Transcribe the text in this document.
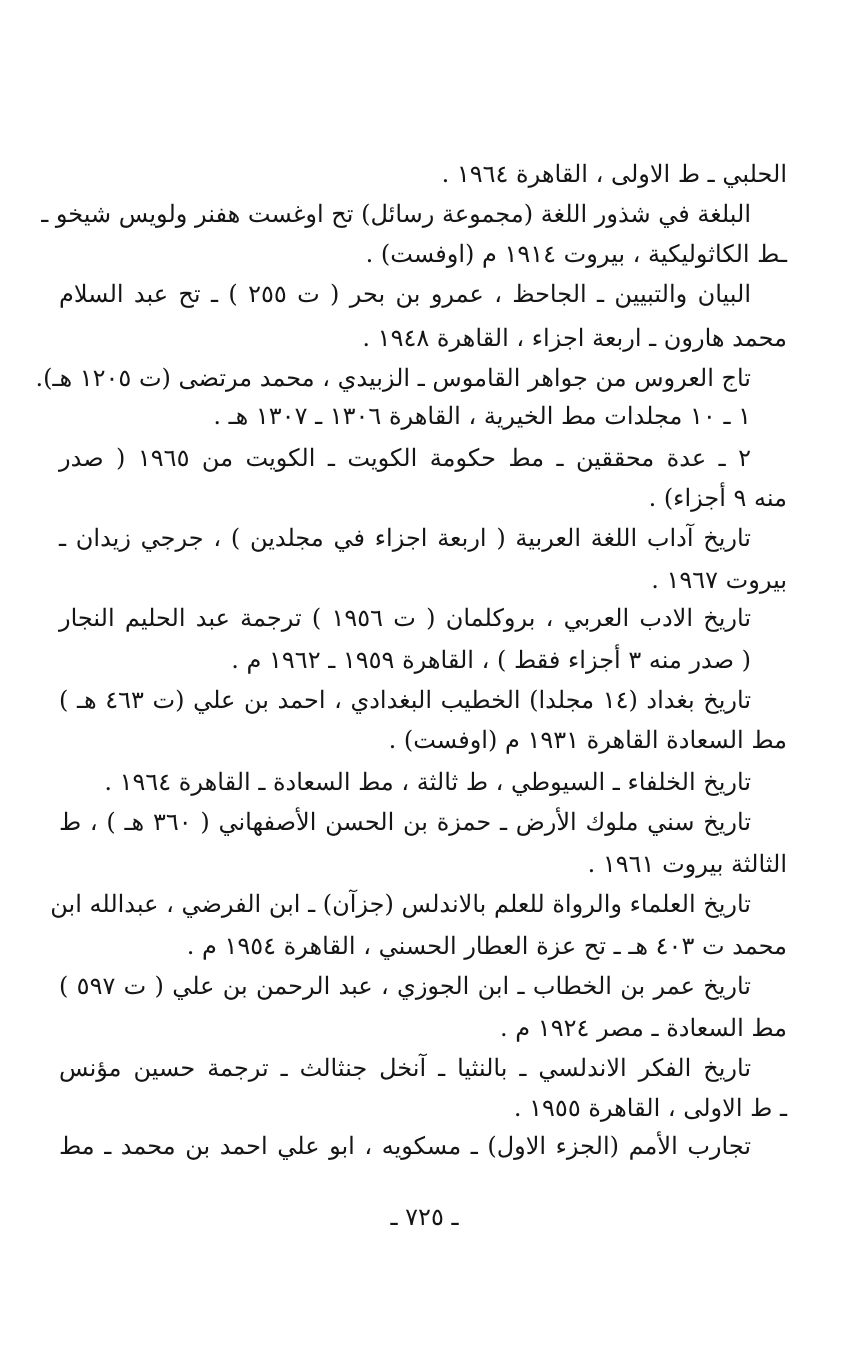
الحلبي ـ ط الاولى ، القاهرة ١٩٦٤ .
البلغة في شذور اللغة (مجموعة رسائل) تح اوغست هفنر ولويس شيخو ـ
ـط الكاثوليكية ، بيروت ١٩١٤ م (اوفست) .
البيان والتبيين ـ الجاحظ ، عمرو بن بحر ( ت ٢٥٥ ) ـ تح عبد السلام
محمد هارون ـ اربعة اجزاء ، القاهرة ١٩٤٨ .
تاج العروس من جواهر القاموس ـ الزبيدي ، محمد مرتضى (ت ١٢٠٥ هـ).
١ ـ ١٠ مجلدات مط الخيرية ، القاهرة ١٣٠٦ ـ ١٣٠٧ هـ .
٢ ـ عدة محققين ـ مط حكومة الكويت ـ الكويت من ١٩٦٥ ( صدر
منه ٩ أجزاء) .
تاريخ آداب اللغة العربية ( اربعة اجزاء في مجلدين ) ، جرجي زيدان ـ
بيروت ١٩٦٧ .
تاريخ الادب العربي ، بروكلمان ( ت ١٩٥٦ ) ترجمة عبد الحليم النجار
( صدر منه ٣ أجزاء فقط ) ، القاهرة ١٩٥٩ ـ ١٩٦٢ م .
تاريخ بغداد (١٤ مجلدا) الخطيب البغدادي ، احمد بن علي (ت ٤٦٣ هـ )
مط السعادة القاهرة ١٩٣١ م (اوفست) .
تاريخ الخلفاء ـ السيوطي ، ط ثالثة ، مط السعادة ـ القاهرة ١٩٦٤ .
تاريخ سني ملوك الأرض ـ حمزة بن الحسن الأصفهاني ( ٣٦٠ هـ ) ، ط
الثالثة بيروت ١٩٦١ .
تاريخ العلماء والرواة للعلم بالاندلس (جزآن) ـ ابن الفرضي ، عبدالله ابن
محمد ت ٤٠٣ هـ ـ تح عزة العطار الحسني ، القاهرة ١٩٥٤ م .
تاريخ عمر بن الخطاب ـ ابن الجوزي ، عبد الرحمن بن علي ( ت ٥٩٧ )
مط السعادة ـ مصر ١٩٢٤ م .
تاريخ الفكر الاندلسي ـ بالنثيا ـ آنخل جنثالث ـ ترجمة حسين مؤنس
ـ ط الاولى ، القاهرة ١٩٥٥ .
تجارب الأمم (الجزء الاول) ـ مسكويه ، ابو علي احمد بن محمد ـ مط
ـ ٧٢٥ ـ
